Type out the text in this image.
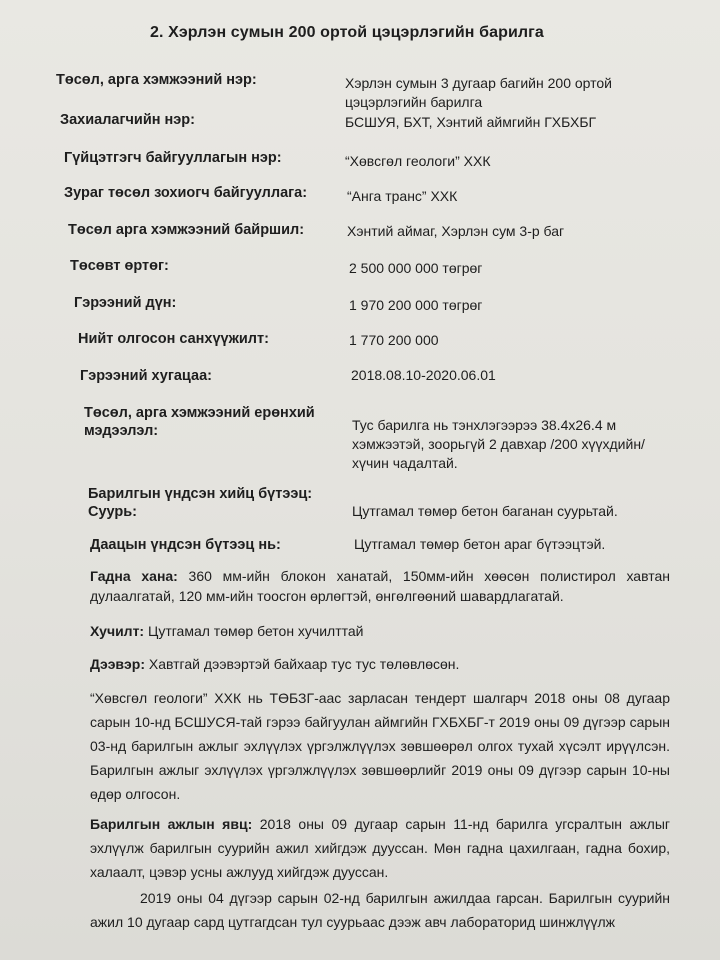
2. Хэрлэн сумын 200 ортой цэцэрлэгийн барилга
Төсөл, арга хэмжээний нэр:	Хэрлэн сумын 3 дугаар багийн 200 ортой цэцэрлэгийн барилга
Захиалагчийн нэр:	БСШУЯ, БХТ, Хэнтий аймгийн ГХБХБГ
Гүйцэтгэгч байгууллагын нэр:	“Хөвсгөл геологи” ХХК
Зураг төсөл зохиогч байгууллага:	“Анга транс” ХХК
Төсөл арга хэмжээний байршил:	Хэнтий аймаг, Хэрлэн сум 3-р баг
Төсөвт өртөг:	2 500 000 000 төгрөг
Гэрээний дүн:	1 970 200 000 төгрөг
Нийт олгосон санхүүжилт:	1 770 200 000
Гэрээний хугацаа:	2018.08.10-2020.06.01
Төсөл, арга хэмжээний ерөнхий мэдээлэл:	Тус барилга нь тэнхлэгээрээ 38.4х26.4 м хэмжээтэй, зоорьгүй 2 давхар /200 хүүхдийн/ хүчин чадалтай.
Барилгын үндсэн хийц бүтээц:
Суурь:	Цутгамал төмөр бетон баганан суурьтай.
Даацын үндсэн бүтээц нь:	Цутгамал төмөр бетон араг бүтээцтэй.
Гадна хана: 360 мм-ийн блокон ханатай, 150мм-ийн хөөсөн полистирол хавтан дулаалгатай, 120 мм-ийн тоосгон өрлөгтэй, өнгөлгөөний шавардлагатай.
Хучилт: Цутгамал төмөр бетон хучилттай
Дээвэр: Хавтгай дээвэртэй байхаар тус тус төлөвлөсөн.
“Хөвсгөл геологи” ХХК нь ТӨБЗГ-аас зарласан тендерт шалгарч 2018 оны 08 дугаар сарын 10-нд БСШУСЯ-тай гэрээ байгуулан аймгийн ГХБХБГ-т 2019 оны 09 дүгээр сарын 03-нд барилгын ажлыг эхлүүлэх үргэлжлүүлэх зөвшөөрөл олгох тухай хүсэлт ирүүлсэн. Барилгын ажлыг эхлүүлэх үргэлжлүүлэх зөвшөөрлийг 2019 оны 09 дүгээр сарын 10-ны өдөр олгосон.
Барилгын ажлын явц: 2018 оны 09 дугаар сарын 11-нд барилга угсралтын ажлыг эхлүүлж барилгын суурийн ажил хийгдэж дууссан. Мөн гадна цахилгаан, гадна бохир, халаалт, цэвэр усны ажлууд хийгдэж дууссан.
2019 оны 04 дүгээр сарын 02-нд барилгын ажилдаа гарсан. Барилгын суурийн ажил 10 дугаар сард цутгагдсан тул суурьаас дээж авч лабораторид шинжлүүлж
